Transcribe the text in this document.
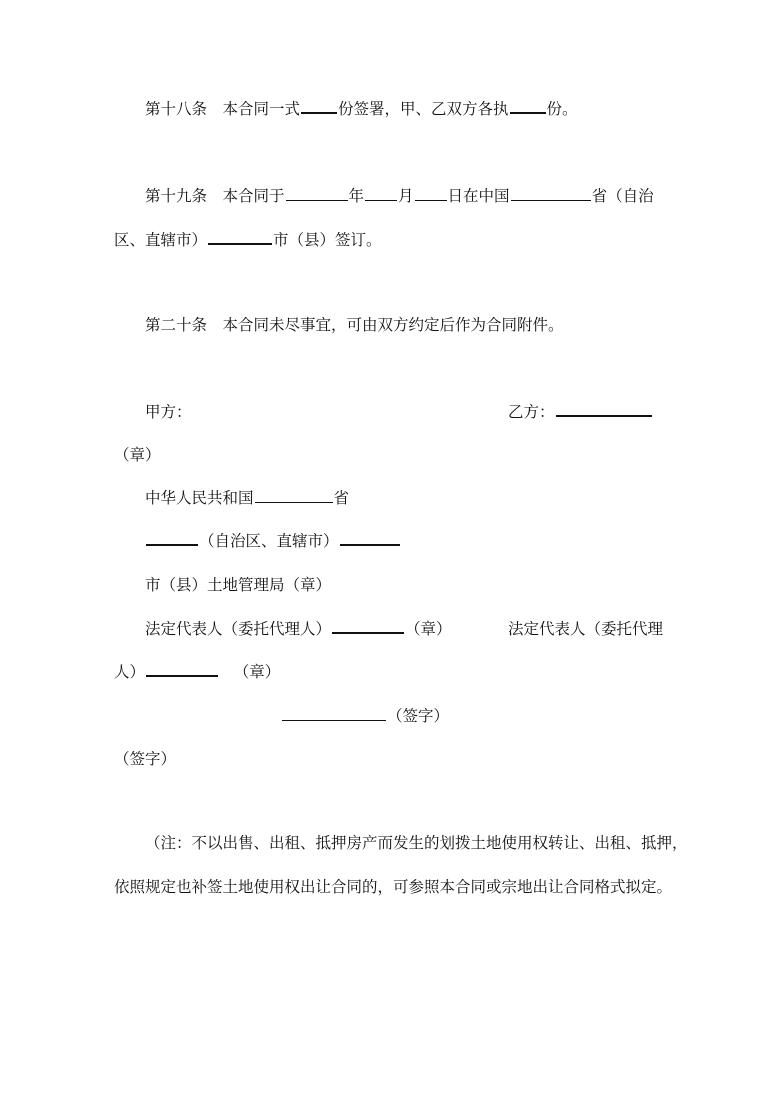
第十八条　本合同一式 份签署，甲、乙双方各执 份。
第十九条　本合同于	年 月 日在中国	省（自治
区、直辖市）	市（县）签订。
第二十条　本合同未尽事宜，可由双方约定后作为合同附件。
甲方：	乙方：
（章）
中华人民共和国	省
（自治区、直辖市）
市（县）土地管理局（章）
法定代表人（委托代理人）	（章）	法定代表人（委托代理
人）	（章）
（签字）
（签字）
（注：不以出售、出租、抵押房产而发生的划拨土地使用权转让、出租、抵押，
依照规定也补签土地使用权出让合同的，可参照本合同或宗地出让合同格式拟定。
